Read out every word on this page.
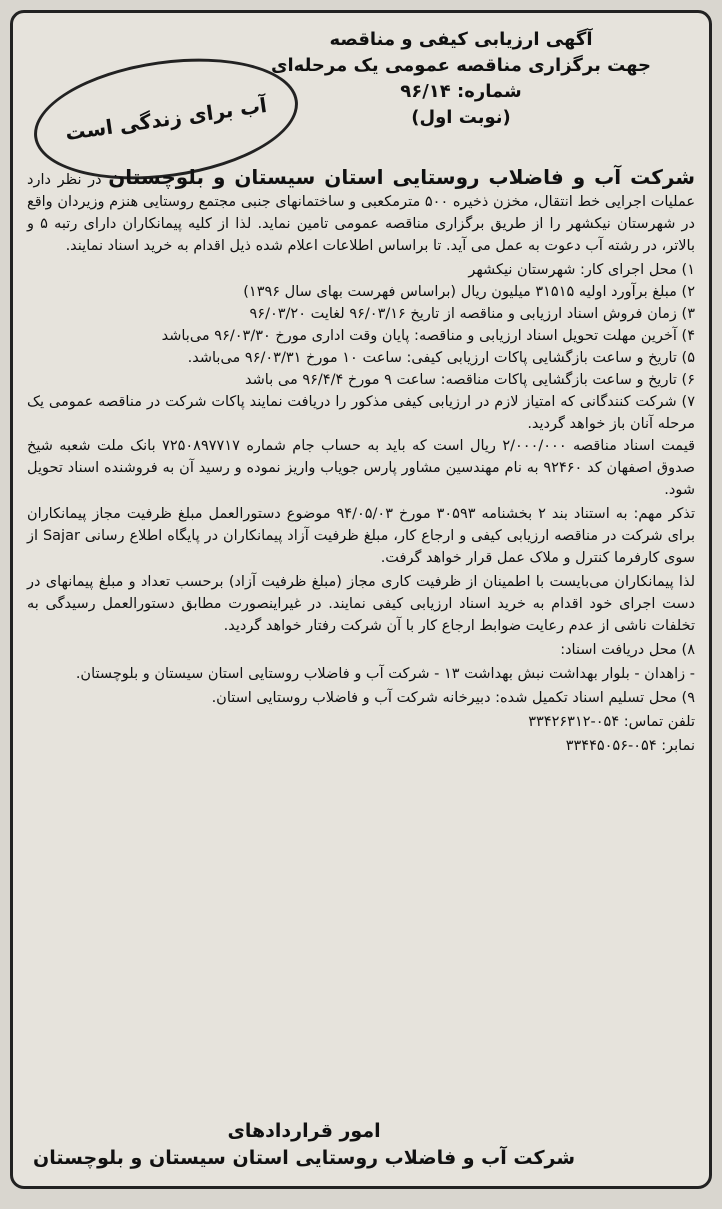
آب برای زندگی است
آگهی ارزیابی کیفی و مناقصه
جهت برگزاری مناقصه عمومی یک مرحله‌ای
شماره: ۹۶/۱۴
(نوبت اول)

شرکت آب و فاضلاب روستایی استان سیستان و بلوچستان در نظر دارد عملیات اجرایی خط انتقال، مخزن ذخیره ۵۰۰ مترمکعبی و ساختمانهای جنبی مجتمع روستایی هنزم وزیردان واقع در شهرستان نیکشهر را از طریق برگزاری مناقصه عمومی تامین نماید. لذا از کلیه پیمانکاران دارای رتبه ۵ و بالاتر، در رشته آب دعوت به عمل می آید. تا براساس اطلاعات اعلام شده ذیل اقدام به خرید اسناد نمایند.

۱) محل اجرای کار: شهرستان نیکشهر
۲) مبلغ برآورد اولیه ۳۱۵۱۵ میلیون ریال (براساس فهرست بهای سال ۱۳۹۶)
۳) زمان فروش اسناد ارزیابی و مناقصه از تاریخ ۹۶/۰۳/۱۶ لغایت ۹۶/۰۳/۲۰
۴) آخرین مهلت تحویل اسناد ارزیابی و مناقصه: پایان وقت اداری مورخ ۹۶/۰۳/۳۰ می‌باشد
۵) تاریخ و ساعت بازگشایی پاکات ارزیابی کیفی: ساعت ۱۰ مورخ ۹۶/۰۳/۳۱ می‌باشد.
۶) تاریخ و ساعت بازگشایی پاکات مناقصه: ساعت ۹ مورخ ۹۶/۴/۴ می باشد
۷) شرکت کنندگانی که امتیاز لازم در ارزیابی کیفی مذکور را دریافت نمایند پاکات شرکت در مناقصه عمومی یک مرحله آنان باز خواهد گردید.

قیمت اسناد مناقصه ۲/۰۰۰/۰۰۰ ریال است که باید به حساب جام شماره ۷۲۵۰۸۹۷۷۱۷ بانک ملت شعبه شیخ صدوق اصفهان کد ۹۲۴۶۰ به نام مهندسین مشاور پارس جویاب واریز نموده و رسید آن به فروشنده اسناد تحویل شود.

تذکر مهم: به استناد بند ۲ بخشنامه ۳۰۵۹۳ مورخ ۹۴/۰۵/۰۳ موضوع دستورالعمل مبلغ ظرفیت مجاز پیمانکاران برای شرکت در مناقصه ارزیابی کیفی و ارجاع کار، مبلغ ظرفیت آزاد پیمانکاران در پایگاه اطلاع رسانی Sajar از سوی کارفرما کنترل و ملاک عمل قرار خواهد گرفت.

لذا پیمانکاران می‌بایست با اطمینان از ظرفیت کاری مجاز (مبلغ ظرفیت آزاد) برحسب تعداد و مبلغ پیمانهای در دست اجرای خود اقدام به خرید اسناد ارزیابی کیفی نمایند. در غیراینصورت مطابق دستورالعمل رسیدگی به تخلفات ناشی از عدم رعایت ضوابط ارجاع کار با آن شرکت رفتار خواهد گردید.

۸) محل دریافت اسناد:

- زاهدان - بلوار بهداشت نبش بهداشت ۱۳ - شرکت آب و فاضلاب روستایی استان سیستان و بلوچستان.

۹) محل تسلیم اسناد تکمیل شده: دبیرخانه شرکت آب و فاضلاب روستایی استان.

تلفن تماس: ۰۵۴-۳۳۴۲۶۳۱۲

نمابر: ۰۵۴-۳۳۴۴۵۰۵۶

امور قراردادهای
شرکت آب و فاضلاب روستایی استان سیستان و بلوچستان
